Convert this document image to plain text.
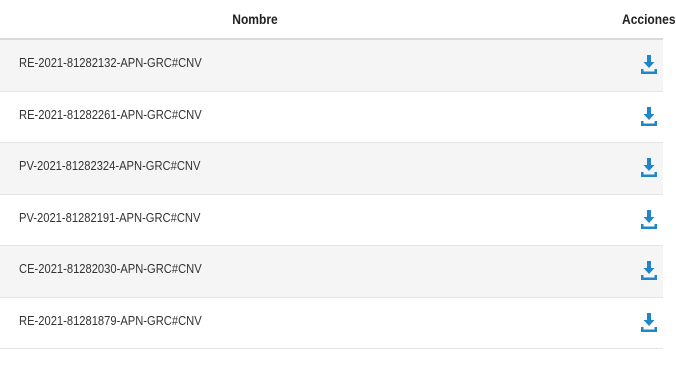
Nombre	Acciones
RE-2021-81282132-APN-GRC#CNV
RE-2021-81282261-APN-GRC#CNV
PV-2021-81282324-APN-GRC#CNV
PV-2021-81282191-APN-GRC#CNV
CE-2021-81282030-APN-GRC#CNV
RE-2021-81281879-APN-GRC#CNV
